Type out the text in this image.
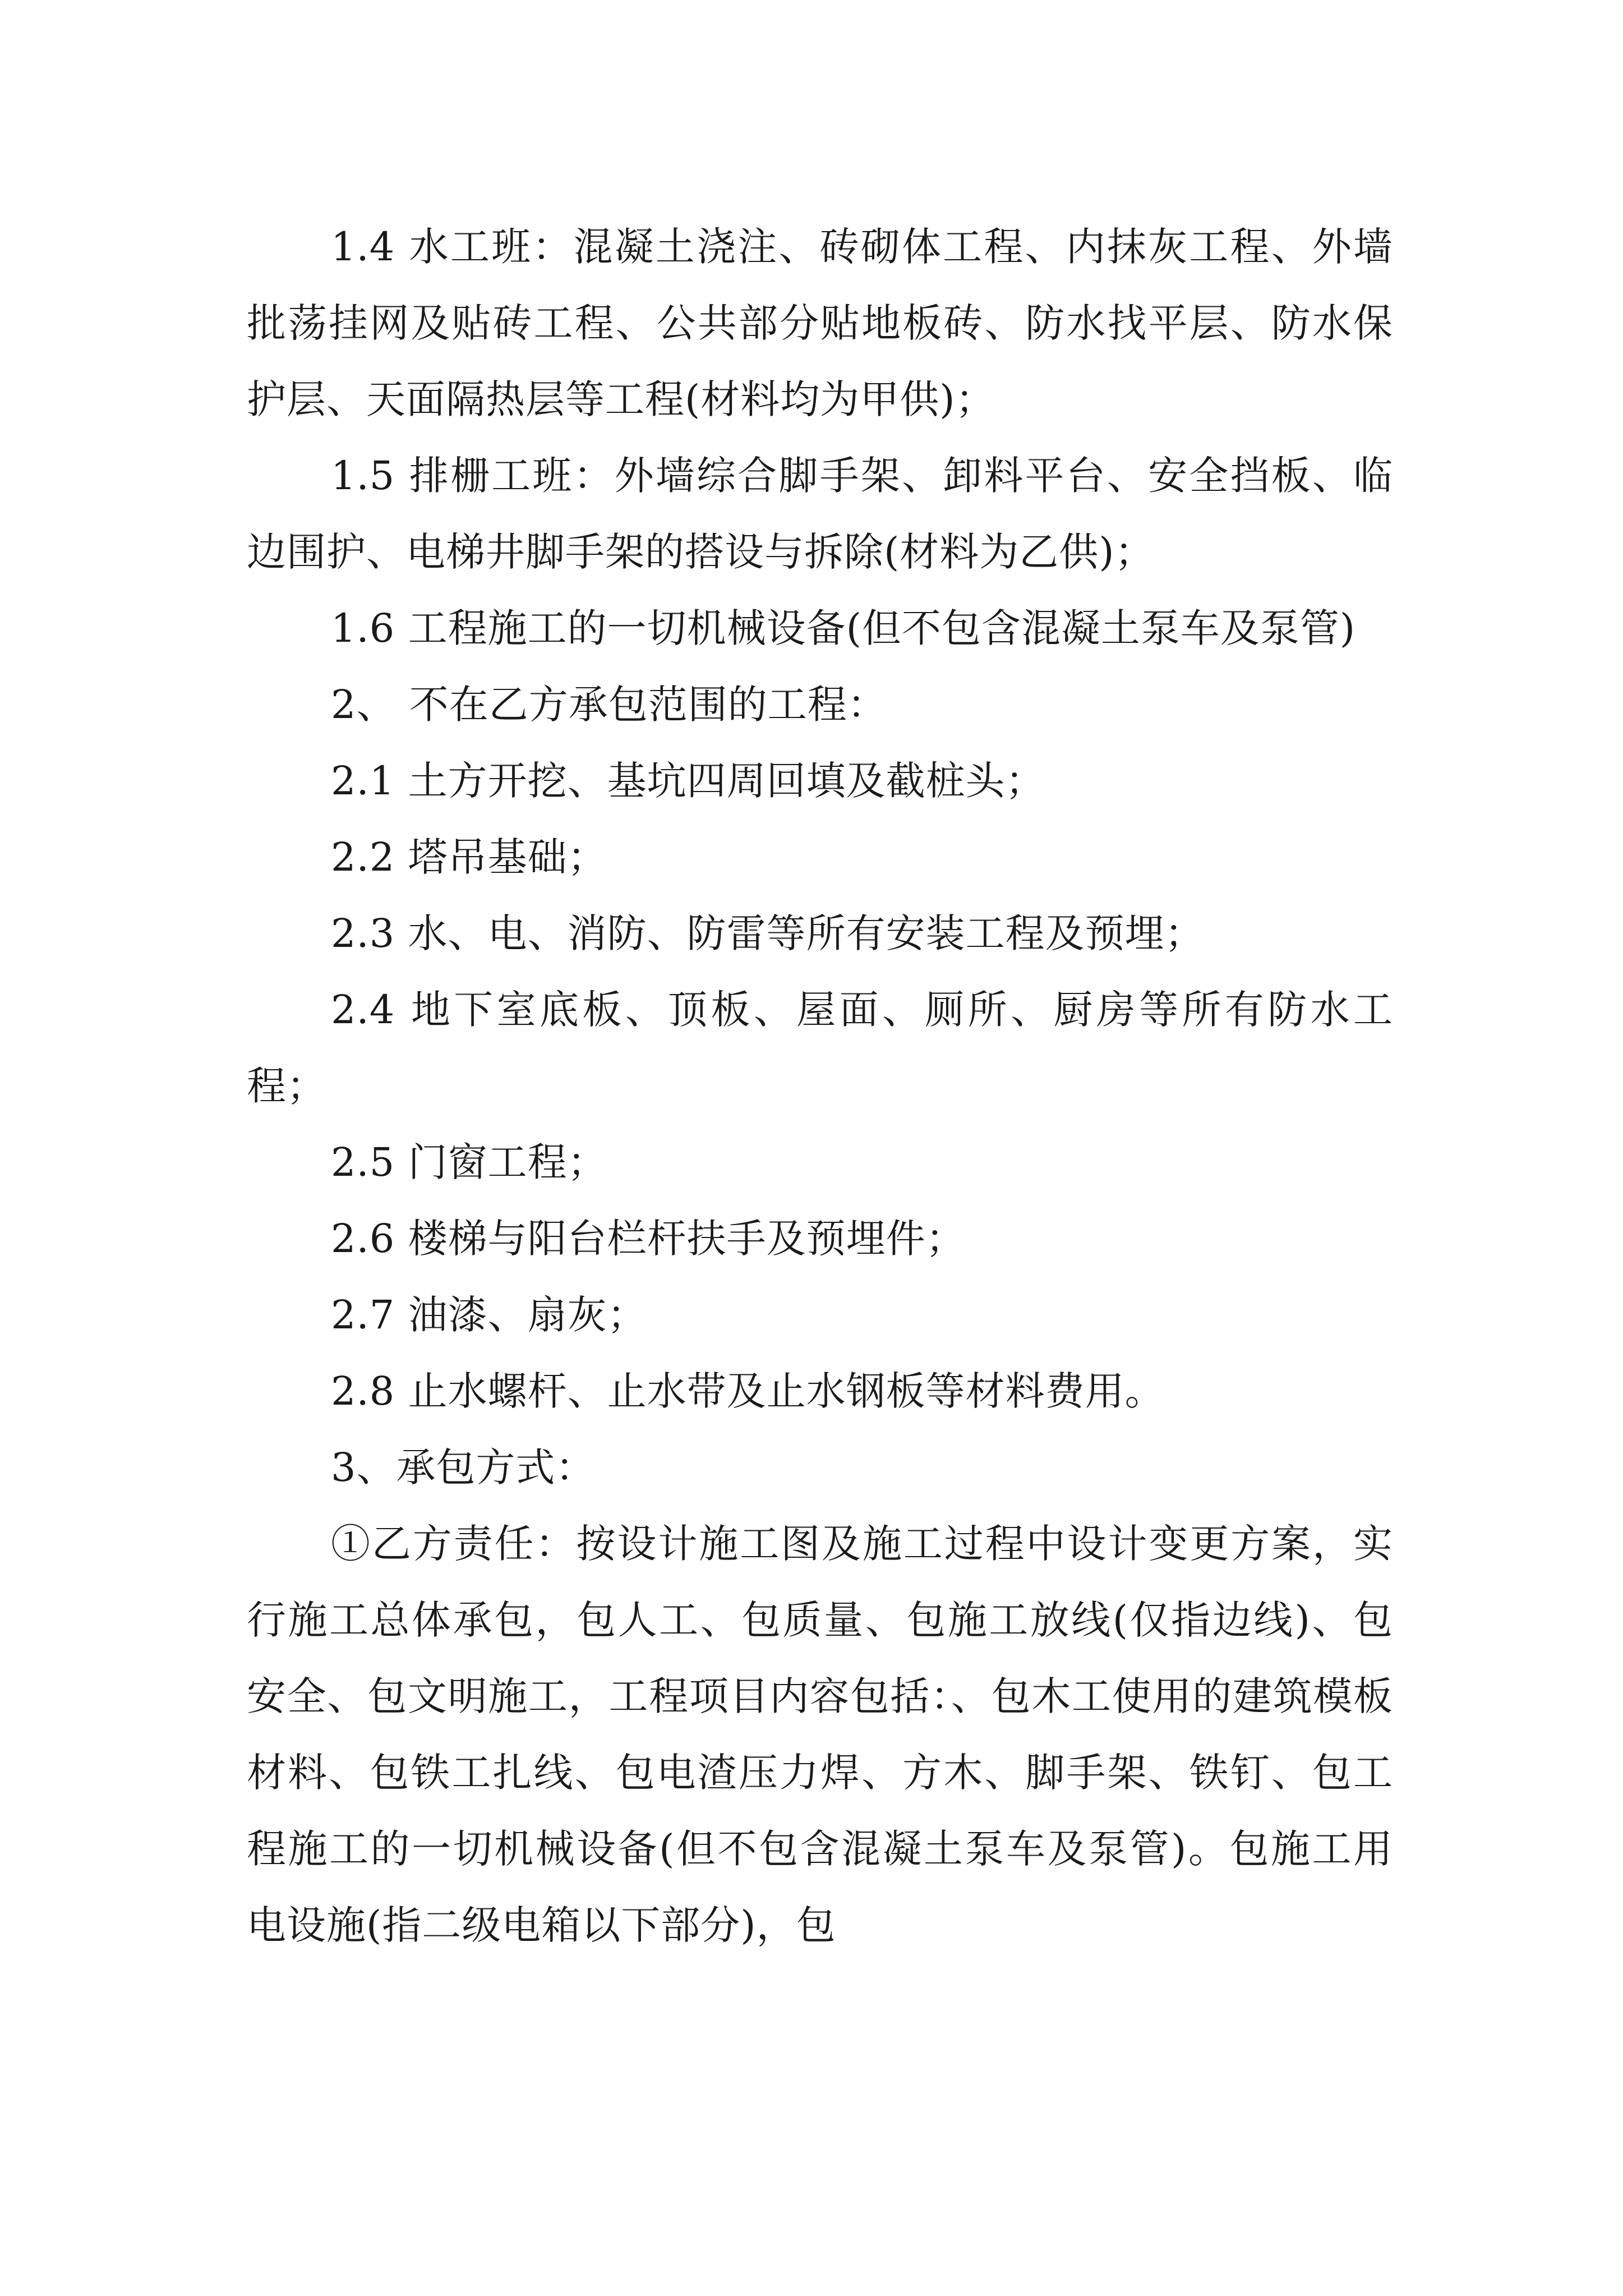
1.4 水工班：混凝土浇注、砖砌体工程、内抹灰工程、外墙批荡挂网及贴砖工程、公共部分贴地板砖、防水找平层、防水保护层、天面隔热层等工程(材料均为甲供)；

1.5 排栅工班：外墙综合脚手架、卸料平台、安全挡板、临边围护、电梯井脚手架的搭设与拆除(材料为乙供)；

1.6 工程施工的一切机械设备(但不包含混凝土泵车及泵管)

2、 不在乙方承包范围的工程：

2.1 土方开挖、基坑四周回填及截桩头；

2.2 塔吊基础；

2.3 水、电、消防、防雷等所有安装工程及预埋；

2.4 地下室底板、顶板、屋面、厕所、厨房等所有防水工程；

2.5 门窗工程；

2.6 楼梯与阳台栏杆扶手及预埋件；

2.7 油漆、扇灰；

2.8 止水螺杆、止水带及止水钢板等材料费用。

3、承包方式：

①乙方责任：按设计施工图及施工过程中设计变更方案，实行施工总体承包，包人工、包质量、包施工放线(仅指边线)、包安全、包文明施工，工程项目内容包括：、包木工使用的建筑模板材料、包铁工扎线、包电渣压力焊、方木、脚手架、铁钉、包工程施工的一切机械设备(但不包含混凝土泵车及泵管)。包施工用电设施(指二级电箱以下部分)，包
